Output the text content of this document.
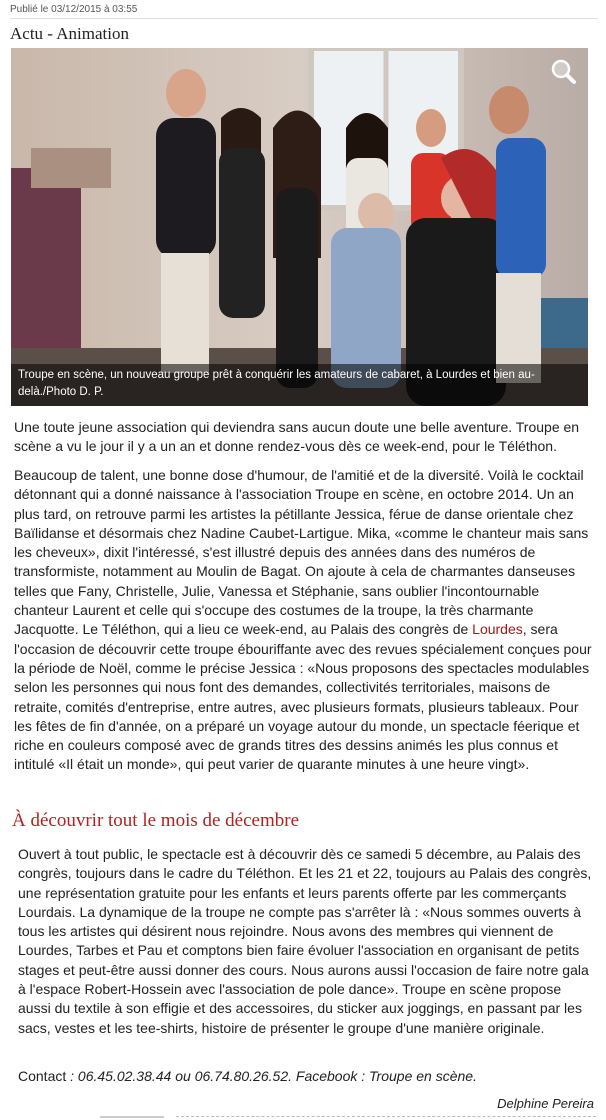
Publié le 03/12/2015 à 03:55
Actu - Animation
Troupe en scène, un nouveau groupe prêt à conquérir les amateurs de cabaret, à Lourdes et bien au-delà./Photo D. P.

Une toute jeune association qui deviendra sans aucun doute une belle aventure. Troupe en scène a vu le jour il y a un an et donne rendez-vous dès ce week-end, pour le Téléthon.

Beaucoup de talent, une bonne dose d'humour, de l'amitié et de la diversité. Voilà le cocktail détonnant qui a donné naissance à l'association Troupe en scène, en octobre 2014. Un an plus tard, on retrouve parmi les artistes la pétillante Jessica, férue de danse orientale chez Baïlidanse et désormais chez Nadine Caubet-Lartigue. Mika, «comme le chanteur mais sans les cheveux», dixit l'intéressé, s'est illustré depuis des années dans des numéros de transformiste, notamment au Moulin de Bagat. On ajoute à cela de charmantes danseuses telles que Fany, Christelle, Julie, Vanessa et Stéphanie, sans oublier l'incontournable chanteur Laurent et celle qui s'occupe des costumes de la troupe, la très charmante Jacquotte. Le Téléthon, qui a lieu ce week-end, au Palais des congrès de Lourdes, sera l'occasion de découvrir cette troupe ébouriffante avec des revues spécialement conçues pour la période de Noël, comme le précise Jessica : «Nous proposons des spectacles modulables selon les personnes qui nous font des demandes, collectivités territoriales, maisons de retraite, comités d'entreprise, entre autres, avec plusieurs formats, plusieurs tableaux. Pour les fêtes de fin d'année, on a préparé un voyage autour du monde, un spectacle féerique et riche en couleurs composé avec de grands titres des dessins animés les plus connus et intitulé «Il était un monde», qui peut varier de quarante minutes à une heure vingt».

À découvrir tout le mois de décembre

Ouvert à tout public, le spectacle est à découvrir dès ce samedi 5 décembre, au Palais des congrès, toujours dans le cadre du Téléthon. Et les 21 et 22, toujours au Palais des congrès, une représentation gratuite pour les enfants et leurs parents offerte par les commerçants Lourdais. La dynamique de la troupe ne compte pas s'arrêter là : «Nous sommes ouverts à tous les artistes qui désirent nous rejoindre. Nous avons des membres qui viennent de Lourdes, Tarbes et Pau et comptons bien faire évoluer l'association en organisant de petits stages et peut-être aussi donner des cours. Nous aurons aussi l'occasion de faire notre gala à l'espace Robert-Hossein avec l'association de pole dance». Troupe en scène propose aussi du textile à son effigie et des accessoires, du sticker aux joggings, en passant par les sacs, vestes et les tee-shirts, histoire de présenter le groupe d'une manière originale.

Contact : 06.45.02.38.44 ou 06.74.80.26.52. Facebook : Troupe en scène.
Delphine Pereira
